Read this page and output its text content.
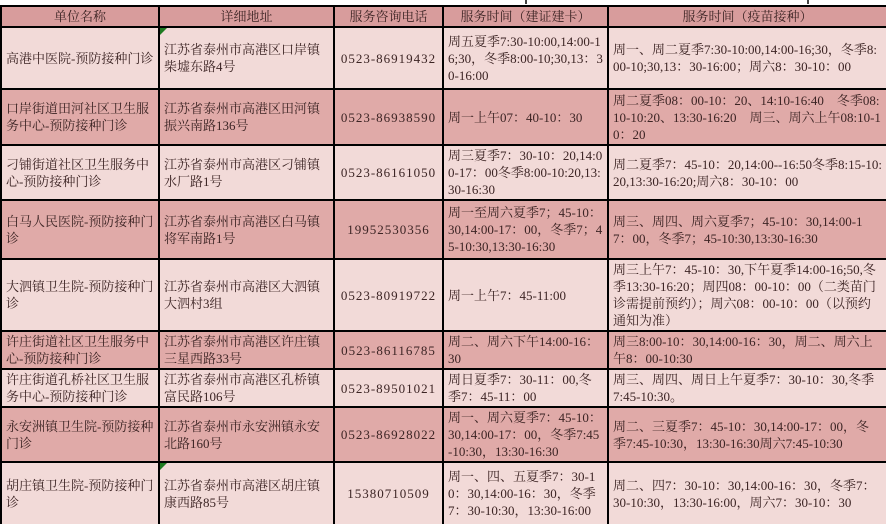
单位名称	详细地址	服务咨询电话	服务时间（建证建卡）	服务时间（疫苗接种）
高港中医院-预防接种门诊	江苏省泰州市高港区口岸镇柴墟东路4号	0523-86919432	周五夏季7:30-10:00,14:00-16;30，冬季8:00-10;30,13：30-16:00	周一、周二夏季7:30-10:00,14:00-16;30，冬季8:00-10;30,13：30-16:00；周六8：30-10：00
口岸街道田河社区卫生服务中心-预防接种门诊	江苏省泰州市高港区田河镇振兴南路136号	0523-86938590	周一上午07：40-10：30	周二夏季08：00-10：20、14:10-16:40　冬季08:10-10:20、13:30-16:20　周三、周六上午08:10-10：20
刁铺街道社区卫生服务中心-预防接种门诊	江苏省泰州市高港区刁铺镇水厂路1号	0523-86161050	周三夏季7：30-10：20,14:00-17：00冬季8:00-10:20,13:30-16:30	周二夏季7：45-10：20,14:00--16:50冬季8:15-10:20,13:30-16:20;周六8：30-10：00
白马人民医院-预防接种门诊	江苏省泰州市高港区白马镇将军南路1号	19952530356	周一至周六夏季7；45-10：30,14:00-17：00，冬季7；45-10:30,13:30-16:30	周三、周四、周六夏季7；45-10：30,14:00-17：00，冬季7；45-10:30,13:30-16:30
大泗镇卫生院-预防接种门诊	江苏省泰州市高港区大泗镇大泗村3组	0523-80919722	周一上午7：45-11:00	周三上午7：45-10：30,下午夏季14:00-16;50,冬季13:30-16:20；周四08：00-10：00（二类苗门诊需提前预约）；周六08：00-10：00（以预约通知为准）
许庄街道社区卫生服务中心-预防接种门诊	江苏省泰州市高港区许庄镇三星西路33号	0523-86116785	周二、周六下午14:00-16：30	周三8:00-10：30,14:00-16：30，周二、周六上午8：00-10:30
许庄街道孔桥社区卫生服务中心-预防接种门诊	江苏省泰州市高港区孔桥镇富民路106号	0523-89501021	周日夏季7：30-11：00,冬季7：45-11：00	周三、周四、周日上午夏季7：30-10：30,冬季7:45-10:30。
永安洲镇卫生院-预防接种门诊	江苏省泰州市永安洲镇永安北路160号	0523-86928022	周一、周六夏季7：45-10：30,14:00-17：00，冬季7:45-10:30，13:30-16:30	周二、三夏季7：45-10：30,14:00-17：00，冬季7:45-10:30，13:30-16:30周六7:45-10:30
胡庄镇卫生院-预防接种门诊	江苏省泰州市高港区胡庄镇康西路85号	15380710509	周一、四、五夏季7：30-10：30,14:00-16：30，冬季7：30-10:30，13:30-16:00	周二、四7：30-10：30,14:00-16：30，冬季7：30-10:30，13:30-16:00，周六7：30-10：30
